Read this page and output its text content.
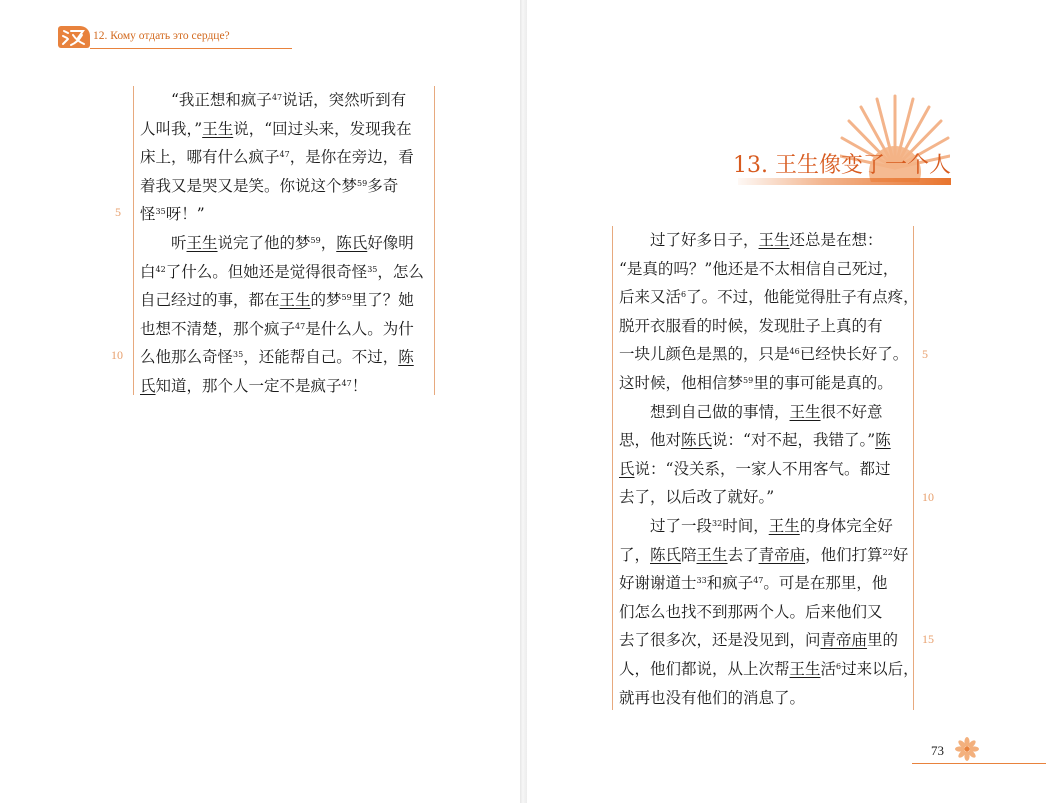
12. Кому отдать это сердце?
“我正想和疯子$^{47}$说话，突然听到有
人叫我，”王生说，“回过头来，发现我在
床上，哪有什么疯子$^{47}$，是你在旁边，看
着我又是哭又是笑。你说这个梦$^{59}$多奇
怪$^{35}$呀！”
听王生说完了他的梦$^{59}$，陈氏好像明
白$^{42}$了什么。但她还是觉得很奇怪$^{35}$，怎么
自己经过的事，都在王生的梦$^{59}$里了？她
也想不清楚，那个疯子$^{47}$是什么人。为什
么他那么奇怪$^{35}$，还能帮自己。不过，陈
氏知道，那个人一定不是疯子$^{47}$！
5
10
13. 王生像变了一个人
过了好多日子，王生还总是在想：
“是真的吗？”他还是不太相信自己死过，
后来又活$^6$了。不过，他能觉得肚子有点疼，
脱开衣服看的时候，发现肚子上真的有
一块儿颜色是黑的，只是$^{46}$已经快长好了。
这时候，他相信梦$^{59}$里的事可能是真的。
想到自己做的事情，王生很不好意
思，他对陈氏说：“对不起，我错了。”陈
氏说：“没关系，一家人不用客气。都过
去了，以后改了就好。”
过了一段$^{32}$时间，王生的身体完全好
了，陈氏陪王生去了青帝庙，他们打算$^{22}$好
好谢谢道士$^{33}$和疯子$^{47}$。可是在那里，他
们怎么也找不到那两个人。后来他们又
去了很多次，还是没见到，问青帝庙里的
人，他们都说，从上次帮王生活$^6$过来以后，
就再也没有他们的消息了。
5
10
15
73
